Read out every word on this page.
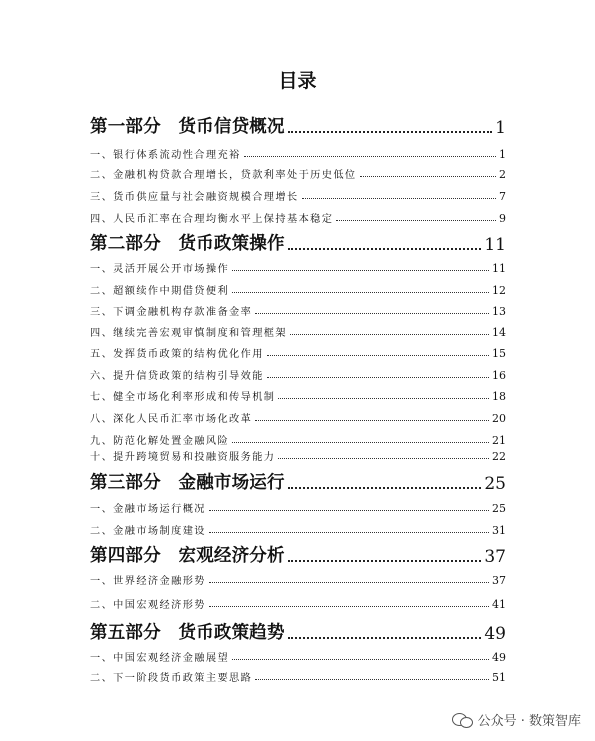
目录
第一部分　货币信贷概况	1
一、银行体系流动性合理充裕	1
二、金融机构贷款合理增长，贷款利率处于历史低位	2
三、货币供应量与社会融资规模合理增长	7
四、人民币汇率在合理均衡水平上保持基本稳定	9
第二部分　货币政策操作	11
一、灵活开展公开市场操作	11
二、超额续作中期借贷便利	12
三、下调金融机构存款准备金率	13
四、继续完善宏观审慎制度和管理框架	14
五、发挥货币政策的结构优化作用	15
六、提升信贷政策的结构引导效能	16
七、健全市场化利率形成和传导机制	18
八、深化人民币汇率市场化改革	20
九、防范化解处置金融风险	21
十、提升跨境贸易和投融资服务能力	22
第三部分　金融市场运行	25
一、金融市场运行概况	25
二、金融市场制度建设	31
第四部分　宏观经济分析	37
一、世界经济金融形势	37
二、中国宏观经济形势	41
第五部分　货币政策趋势	49
一、中国宏观经济金融展望	49
二、下一阶段货币政策主要思路	51
公众号 · 数策智库
